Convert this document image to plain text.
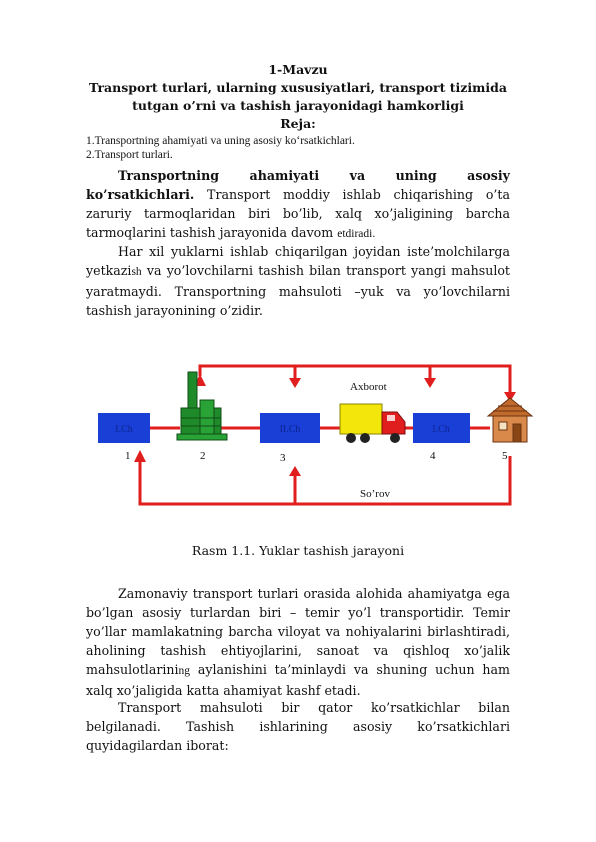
1-Mavzu
Transport turlari, ularning xususiyatlari, transport tizimida
tutgan o’rni va tashish jarayonidagi hamkorligi
Reja:
1.Transportning ahamiyati va uning asosiy ko‘rsatkichlari.
2.Transport turlari.
Transportning ahamiyati va uning asosiy ko’rsatkichlari. Transport moddiy ishlab chiqarishing o’ta zaruriy tarmoqlaridan biri bo’lib, xalq xo’jaligining barcha tarmoqlarini tashish jarayonida davom etdiradi.
Har xil yuklarni ishlab chiqarilgan joyidan iste’molchilarga yetkazish va yo’lovchilarni tashish bilan transport yangi mahsulot yaratmaydi. Transportning mahsuloti –yuk va yo’lovchilarni tashish jarayonining o’zidir.
Axborot
I.Ch	II.Ch	I.Ch
1	2	3	4	5
So’rov
Rasm 1.1. Yuklar tashish jarayoni
Zamonaviy transport turlari orasida alohida ahamiyatga ega bo’lgan asosiy turlardan biri – temir yo’l transportidir. Temir yo’llar mamlakatning barcha viloyat va nohiyalarini birlashtiradi, aholining tashish ehtiyojlarini, sanoat va qishloq xo’jalik mahsulotlarining aylanishini ta’minlaydi va shuning uchun ham xalq xo’jaligida katta ahamiyat kashf etadi.
Transport mahsuloti bir qator ko’rsatkichlar bilan belgilanadi. Tashish ishlarining asosiy ko’rsatkichlari quyidagilardan iborat:
